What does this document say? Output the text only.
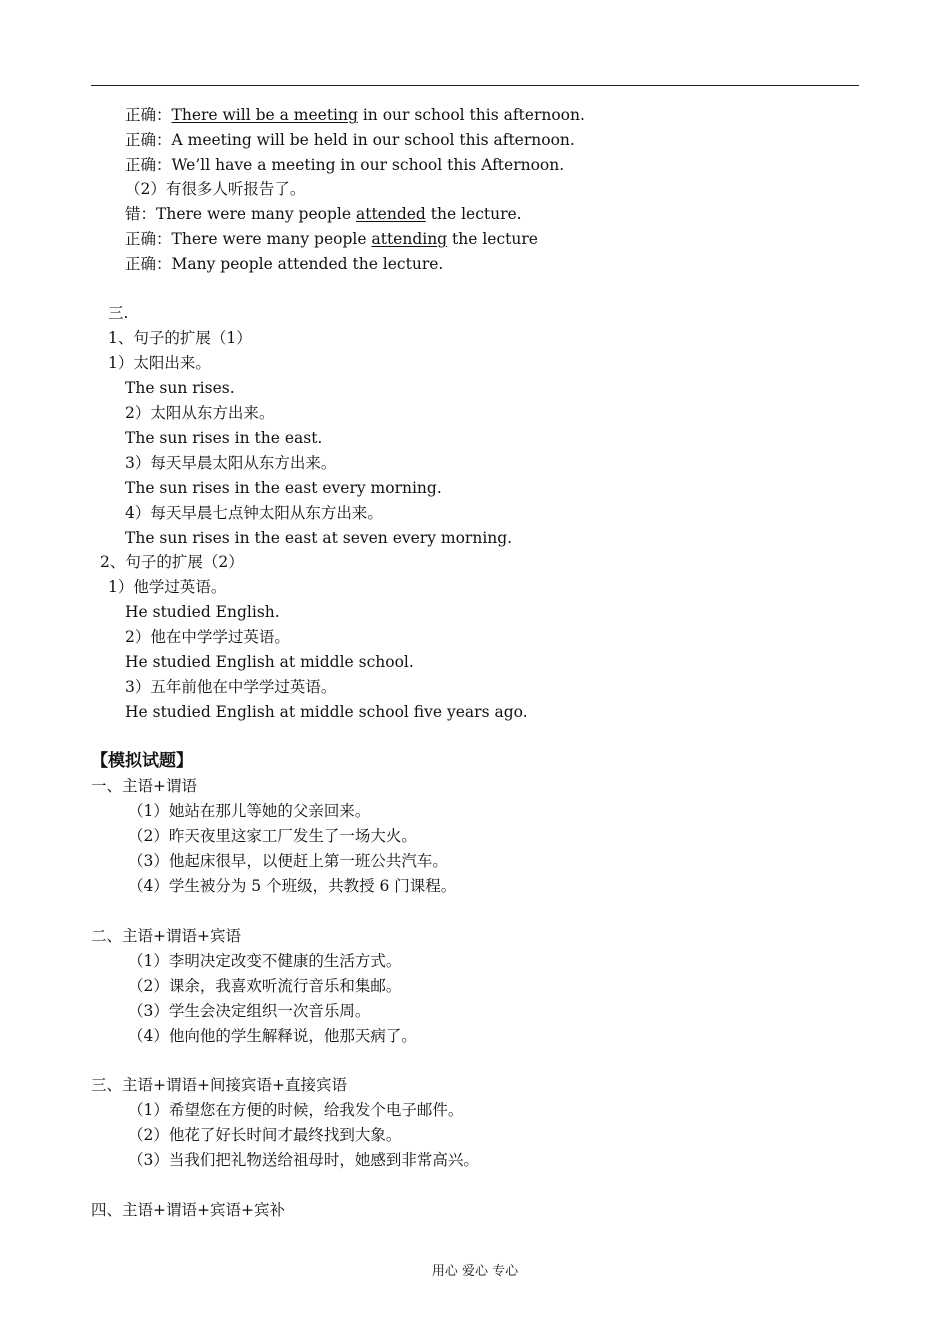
正确：There will be a meeting in our school this afternoon.
正确：A meeting will be held in our school this afternoon.
正确：We’ll have a meeting in our school this Afternoon.
（2）有很多人听报告了。
错：There were many people attended the lecture.
正确：There were many people attending the lecture
正确：Many people attended the lecture.
三.
1、句子的扩展（1）
1）太阳出来。
The sun rises.
2）太阳从东方出来。
The sun rises in the east.
3）每天早晨太阳从东方出来。
The sun rises in the east every morning.
4）每天早晨七点钟太阳从东方出来。
The sun rises in the east at seven every morning.
2、句子的扩展（2）
1）他学过英语。
He studied English.
2）他在中学学过英语。
He studied English at middle school.
3）五年前他在中学学过英语。
He studied English at middle school five years ago.
【模拟试题】
一、主语+谓语
（1）她站在那儿等她的父亲回来。
（2）昨天夜里这家工厂发生了一场大火。
（3）他起床很早，以便赶上第一班公共汽车。
（4）学生被分为 5 个班级，共教授 6 门课程。
二、主语+谓语+宾语
（1）李明决定改变不健康的生活方式。
（2）课余，我喜欢听流行音乐和集邮。
（3）学生会决定组织一次音乐周。
（4）他向他的学生解释说，他那天病了。
三、主语+谓语+间接宾语+直接宾语
（1）希望您在方便的时候，给我发个电子邮件。
（2）他花了好长时间才最终找到大象。
（3）当我们把礼物送给祖母时，她感到非常高兴。
四、主语+谓语+宾语+宾补
用心 爱心 专心
